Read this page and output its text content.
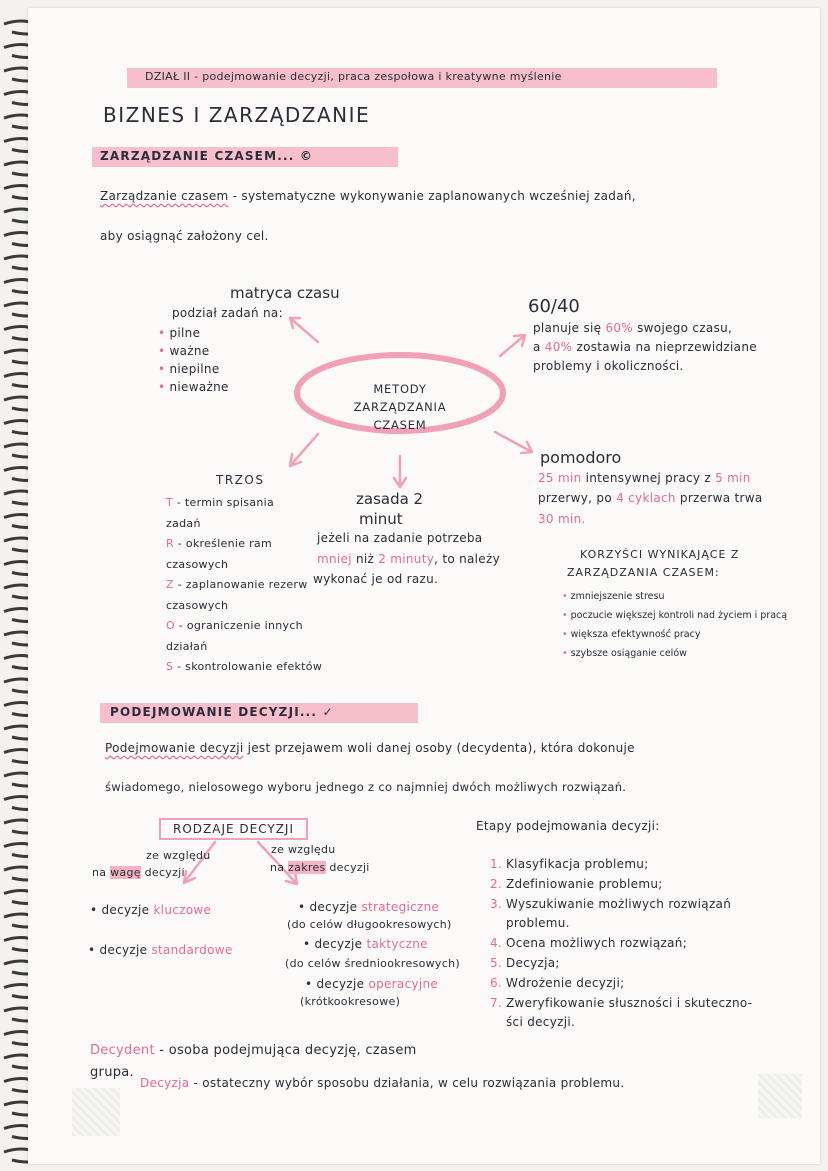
DZIAŁ II - podejmowanie decyzji, praca zespołowa i kreatywne myślenie
BIZNES I ZARZĄDZANIE
ZARZĄDZANIE CZASEM... ©
Zarządzanie czasem - systematyczne wykonywanie zaplanowanych wcześniej zadań,
aby osiągnąć założony cel.
METODY ZARZĄDZANIA CZASEM
matryca czasu
podział zadań na:
• pilne
• ważne
• niepilne
• nieważne
60/40
planuje się 60% swojego czasu,
a 40% zostawia na nieprzewidziane
problemy i okoliczności.
TRZOS
T - termin spisania
zadań
R - określenie ram
czasowych
Z - zaplanowanie rezerw
czasowych
O - ograniczenie innych
działań
S - skontrolowanie efektów
zasada 2
minut
jeżeli na zadanie potrzeba
mniej niż 2 minuty, to należy
wykonać je od razu.
pomodoro
25 min intensywnej pracy z 5 min
przerwy, po 4 cyklach przerwa trwa
30 min.
KORZYŚCI WYNIKAJĄCE Z
ZARZĄDZANIA CZASEM:
• zmniejszenie stresu
• poczucie większej kontroli nad życiem i pracą
• większa efektywność pracy
• szybsze osiąganie celów
PODEJMOWANIE DECYZJI... ✓
Podejmowanie decyzji jest przejawem woli danej osoby (decydenta), która dokonuje
świadomego, nielosowego wyboru jednego z co najmniej dwóch możliwych rozwiązań.
RODZAJE DECYZJI
ze względu
na wagę decyzji
• decyzje kluczowe
• decyzje standardowe
ze względu
na zakres decyzji
• decyzje strategiczne
(do celów długookresowych)
• decyzje taktyczne
(do celów średniookresowych)
• decyzje operacyjne
(krótkookresowe)
Etapy podejmowania decyzji:
1. Klasyfikacja problemu;
2. Zdefiniowanie problemu;
3. Wyszukiwanie możliwych rozwiązań
problemu.
4. Ocena możliwych rozwiązań;
5. Decyzja;
6. Wdrożenie decyzji;
7. Zweryfikowanie słuszności i skuteczno-
ści decyzji.
Decydent - osoba podejmująca decyzję, czasem
grupa.
Decyzja - ostateczny wybór sposobu działania, w celu rozwiązania problemu.
